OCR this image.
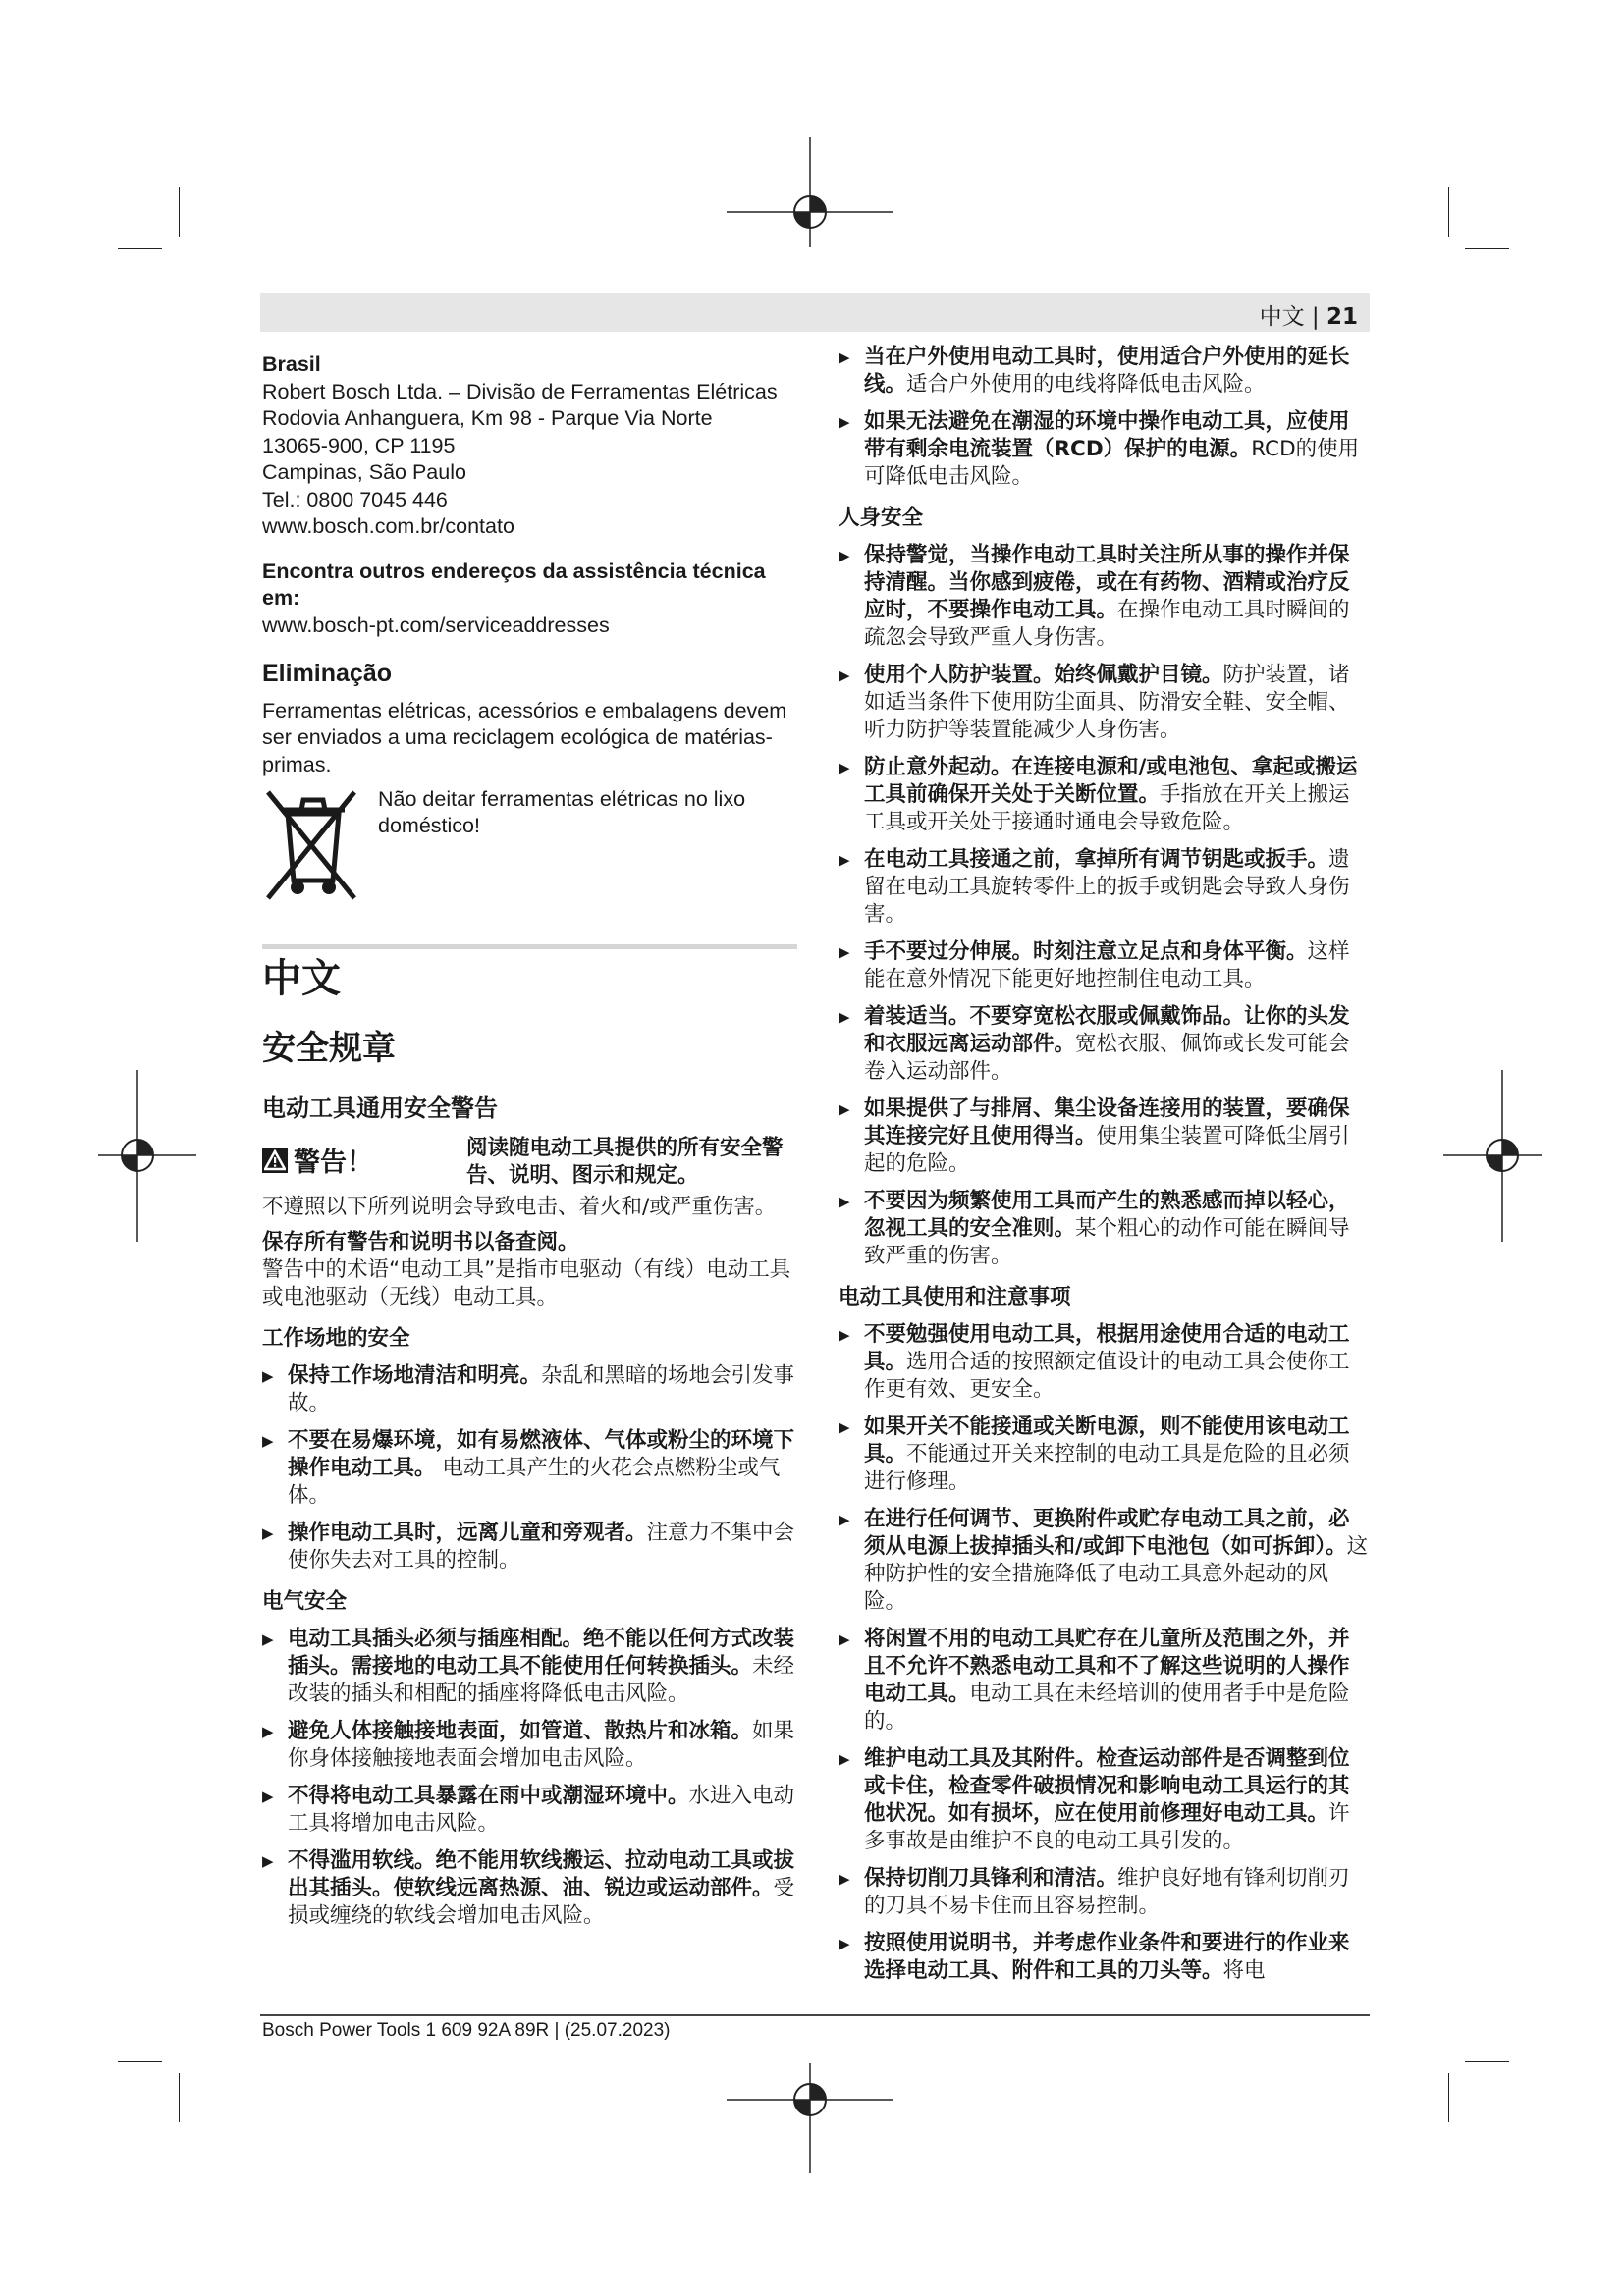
中文 | 21

Brasil

Robert Bosch Ltda. – Divisão de Ferramentas Elétricas

Rodovia Anhanguera, Km 98 - Parque Via Norte

13065-900, CP 1195

Campinas, São Paulo

Tel.: 0800 7045 446

www.bosch.com.br/contato

Encontra outros endereços da assistência técnica em:

www.bosch-pt.com/serviceaddresses

Eliminação

Ferramentas elétricas, acessórios e embalagens devem ser enviados a uma reciclagem ecológica de matérias-primas.

Não deitar ferramentas elétricas no lixo doméstico!
中文
安全规章
电动工具通用安全警告
警告！	阅读随电动工具提供的所有安全警告、说明、图示和规定。

不遵照以下所列说明会导致电击、着火和/或严重伤害。

保存所有警告和说明书以备查阅。

警告中的术语“电动工具”是指市电驱动（有线）电动工具或电池驱动（无线）电动工具。

工作场地的安全

▶ 保持工作场地清洁和明亮。杂乱和黑暗的场地会引发事故。
▶ 不要在易爆环境，如有易燃液体、气体或粉尘的环境下操作电动工具。 电动工具产生的火花会点燃粉尘或气体。
▶ 操作电动工具时，远离儿童和旁观者。注意力不集中会使你失去对工具的控制。

电气安全

▶ 电动工具插头必须与插座相配。绝不能以任何方式改装插头。需接地的电动工具不能使用任何转换插头。未经改装的插头和相配的插座将降低电击风险。
▶ 避免人体接触接地表面，如管道、散热片和冰箱。如果你身体接触接地表面会增加电击风险。
▶ 不得将电动工具暴露在雨中或潮湿环境中。水进入电动工具将增加电击风险。
▶ 不得滥用软线。绝不能用软线搬运、拉动电动工具或拔出其插头。使软线远离热源、油、锐边或运动部件。受损或缠绕的软线会增加电击风险。
▶ 当在户外使用电动工具时，使用适合户外使用的延长线。适合户外使用的电线将降低电击风险。
▶ 如果无法避免在潮湿的环境中操作电动工具，应使用带有剩余电流装置（RCD）保护的电源。RCD的使用可降低电击风险。

人身安全

▶ 保持警觉，当操作电动工具时关注所从事的操作并保持清醒。当你感到疲倦，或在有药物、酒精或治疗反应时，不要操作电动工具。在操作电动工具时瞬间的疏忽会导致严重人身伤害。
▶ 使用个人防护装置。始终佩戴护目镜。防护装置，诸如适当条件下使用防尘面具、防滑安全鞋、安全帽、听力防护等装置能减少人身伤害。
▶ 防止意外起动。在连接电源和/或电池包、拿起或搬运工具前确保开关处于关断位置。手指放在开关上搬运工具或开关处于接通时通电会导致危险。
▶ 在电动工具接通之前，拿掉所有调节钥匙或扳手。遗留在电动工具旋转零件上的扳手或钥匙会导致人身伤害。
▶ 手不要过分伸展。时刻注意立足点和身体平衡。这样能在意外情况下能更好地控制住电动工具。
▶ 着装适当。不要穿宽松衣服或佩戴饰品。让你的头发和衣服远离运动部件。宽松衣服、佩饰或长发可能会卷入运动部件。
▶ 如果提供了与排屑、集尘设备连接用的装置，要确保其连接完好且使用得当。使用集尘装置可降低尘屑引起的危险。
▶ 不要因为频繁使用工具而产生的熟悉感而掉以轻心，忽视工具的安全准则。某个粗心的动作可能在瞬间导致严重的伤害。

电动工具使用和注意事项

▶ 不要勉强使用电动工具，根据用途使用合适的电动工具。选用合适的按照额定值设计的电动工具会使你工作更有效、更安全。
▶ 如果开关不能接通或关断电源，则不能使用该电动工具。不能通过开关来控制的电动工具是危险的且必须进行修理。
▶ 在进行任何调节、更换附件或贮存电动工具之前，必须从电源上拔掉插头和/或卸下电池包（如可拆卸）。这种防护性的安全措施降低了电动工具意外起动的风险。
▶ 将闲置不用的电动工具贮存在儿童所及范围之外，并且不允许不熟悉电动工具和不了解这些说明的人操作电动工具。电动工具在未经培训的使用者手中是危险的。
▶ 维护电动工具及其附件。检查运动部件是否调整到位或卡住，检查零件破损情况和影响电动工具运行的其他状况。如有损坏，应在使用前修理好电动工具。许多事故是由维护不良的电动工具引发的。
▶ 保持切削刀具锋利和清洁。维护良好地有锋利切削刃的刀具不易卡住而且容易控制。
▶ 按照使用说明书，并考虑作业条件和要进行的作业来选择电动工具、附件和工具的刀头等。将电
Bosch Power Tools 1 609 92A 89R | (25.07.2023)
